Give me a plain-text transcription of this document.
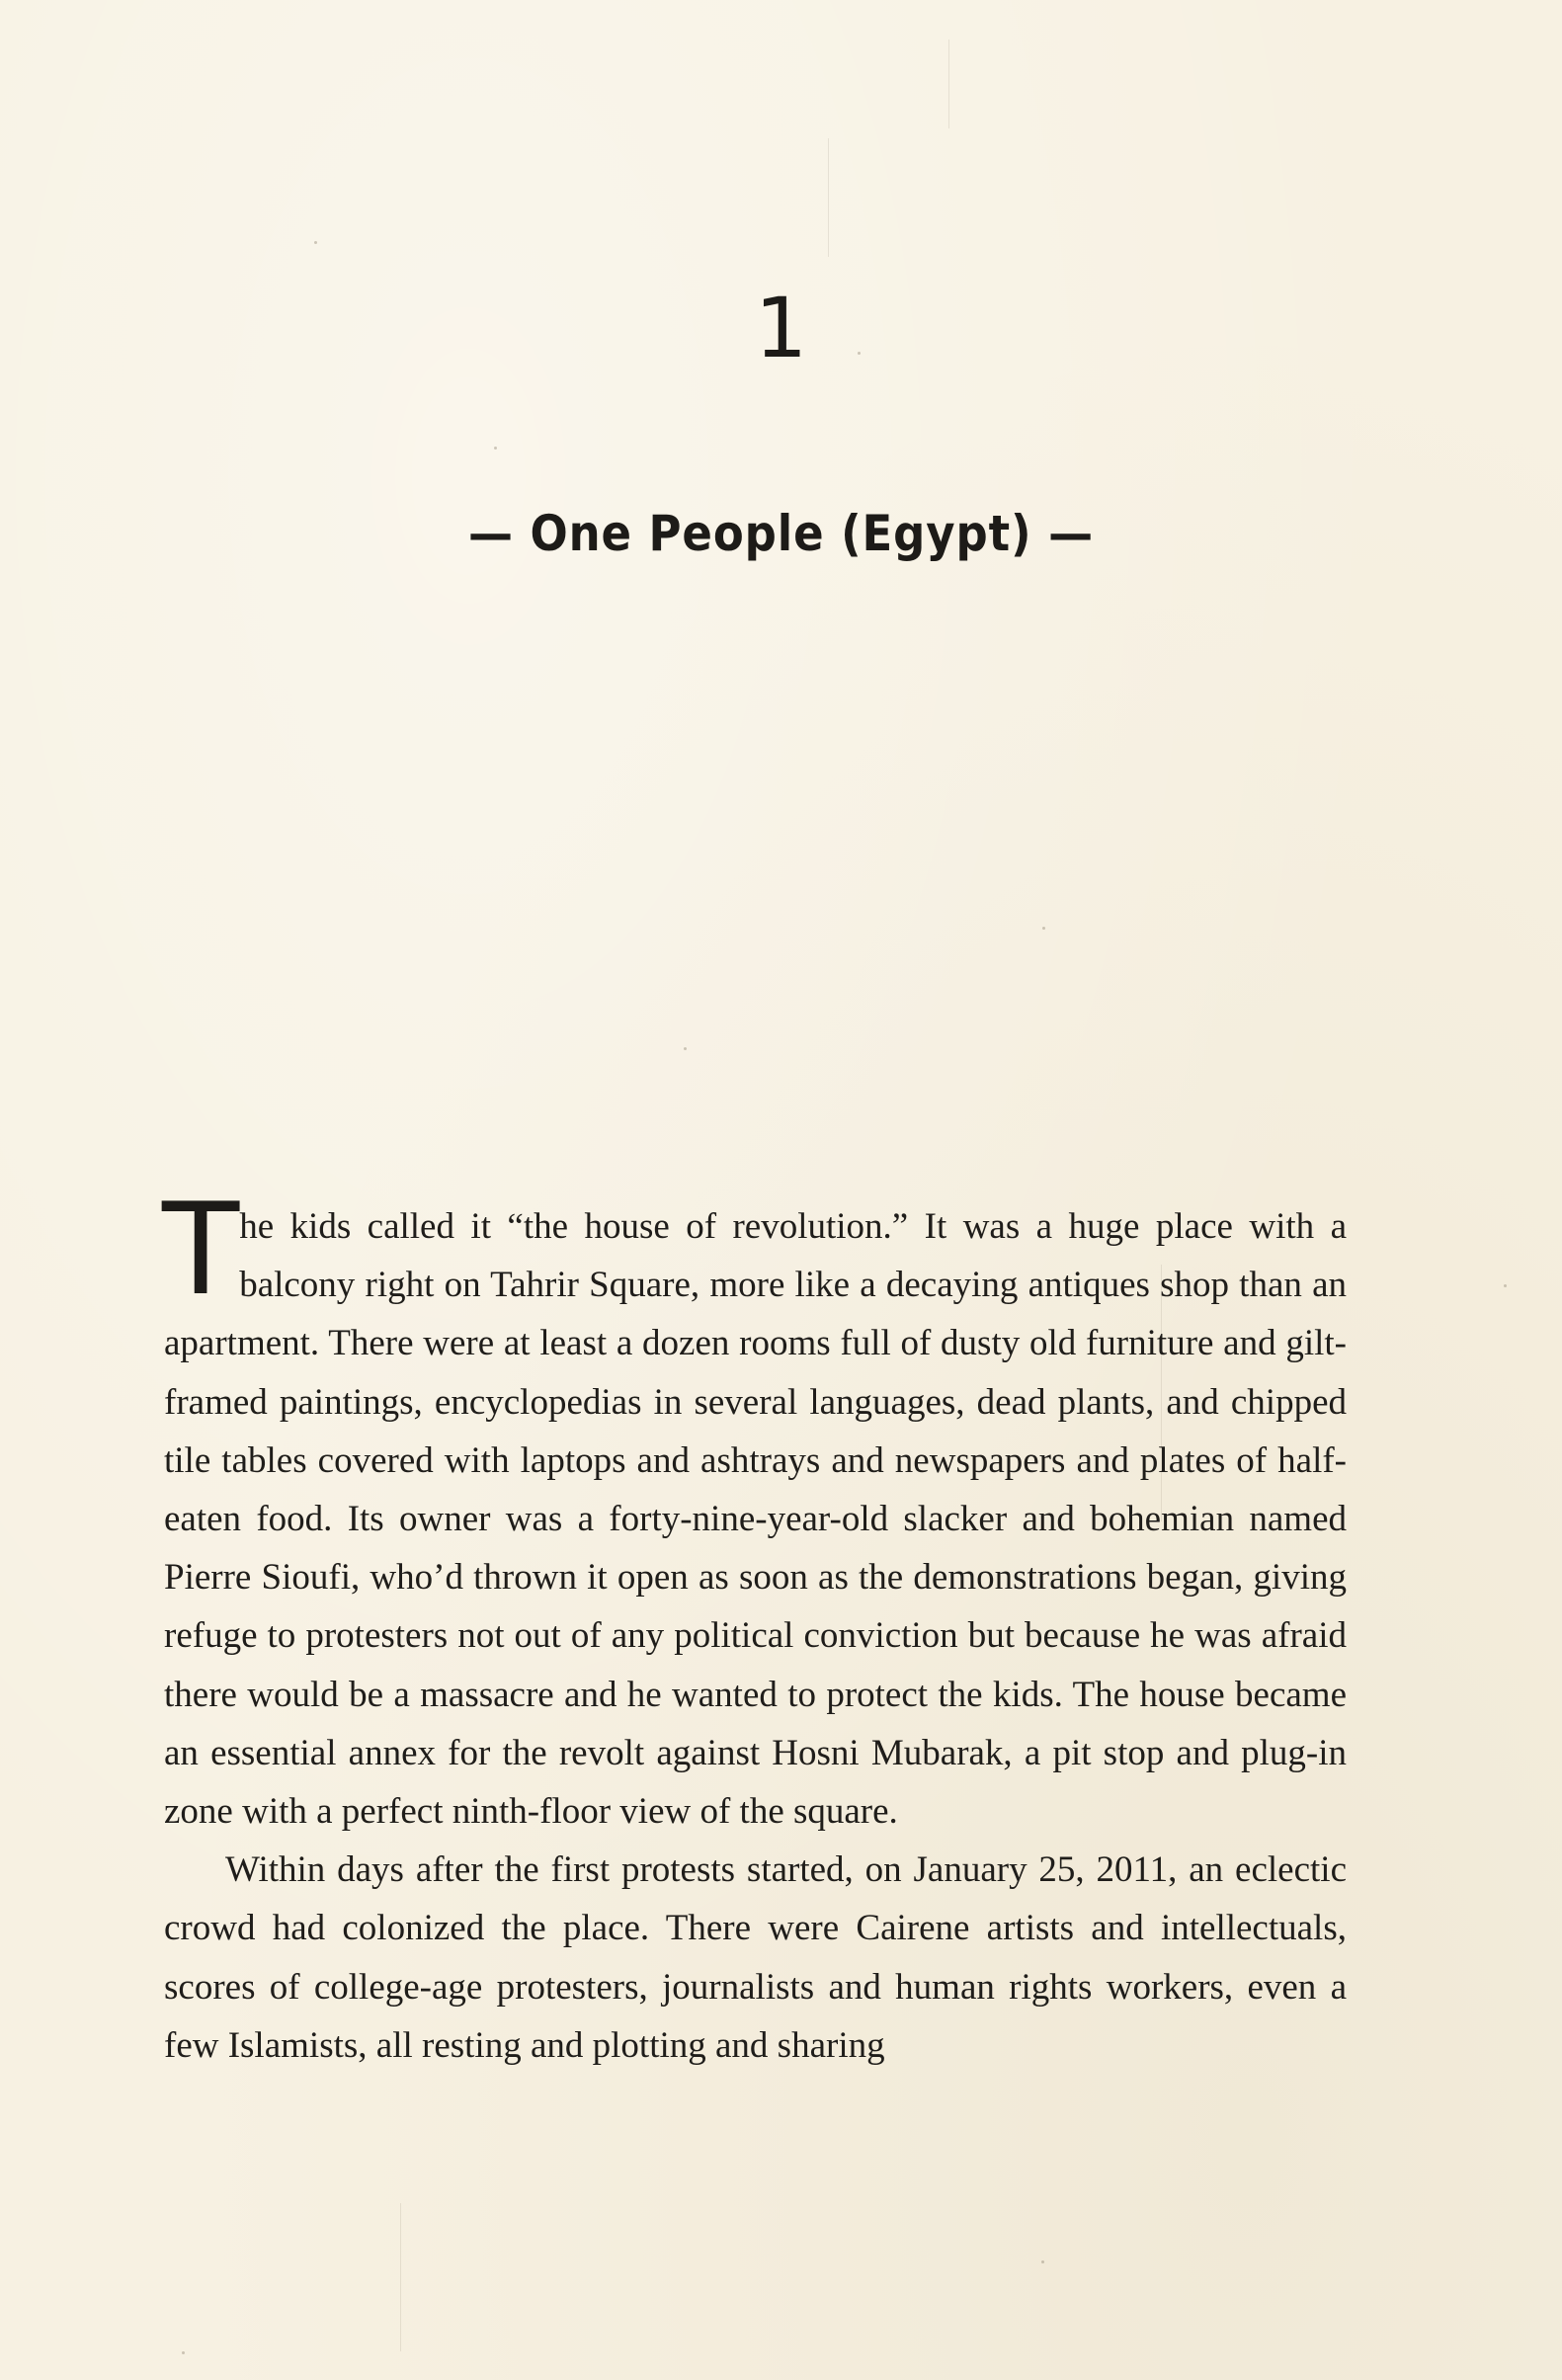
1
— One People (Egypt) —

The kids called it “the house of revolution.” It was a huge place with a balcony right on Tahrir Square, more like a decaying antiques shop than an apartment. There were at least a dozen rooms full of dusty old furniture and gilt-framed paintings, encyclopedias in several languages, dead plants, and chipped tile tables covered with laptops and ashtrays and newspapers and plates of half-eaten food. Its owner was a forty-nine-year-old slacker and bohemian named Pierre Sioufi, who’d thrown it open as soon as the demonstrations began, giving refuge to protesters not out of any political conviction but because he was afraid there would be a massacre and he wanted to protect the kids. The house became an essential annex for the revolt against Hosni Mubarak, a pit stop and plug-in zone with a perfect ninth-floor view of the square.

Within days after the first protests started, on January 25, 2011, an eclectic crowd had colonized the place. There were Cairene artists and intellectuals, scores of college-age protesters, journalists and human rights workers, even a few Islamists, all resting and plotting and sharing
